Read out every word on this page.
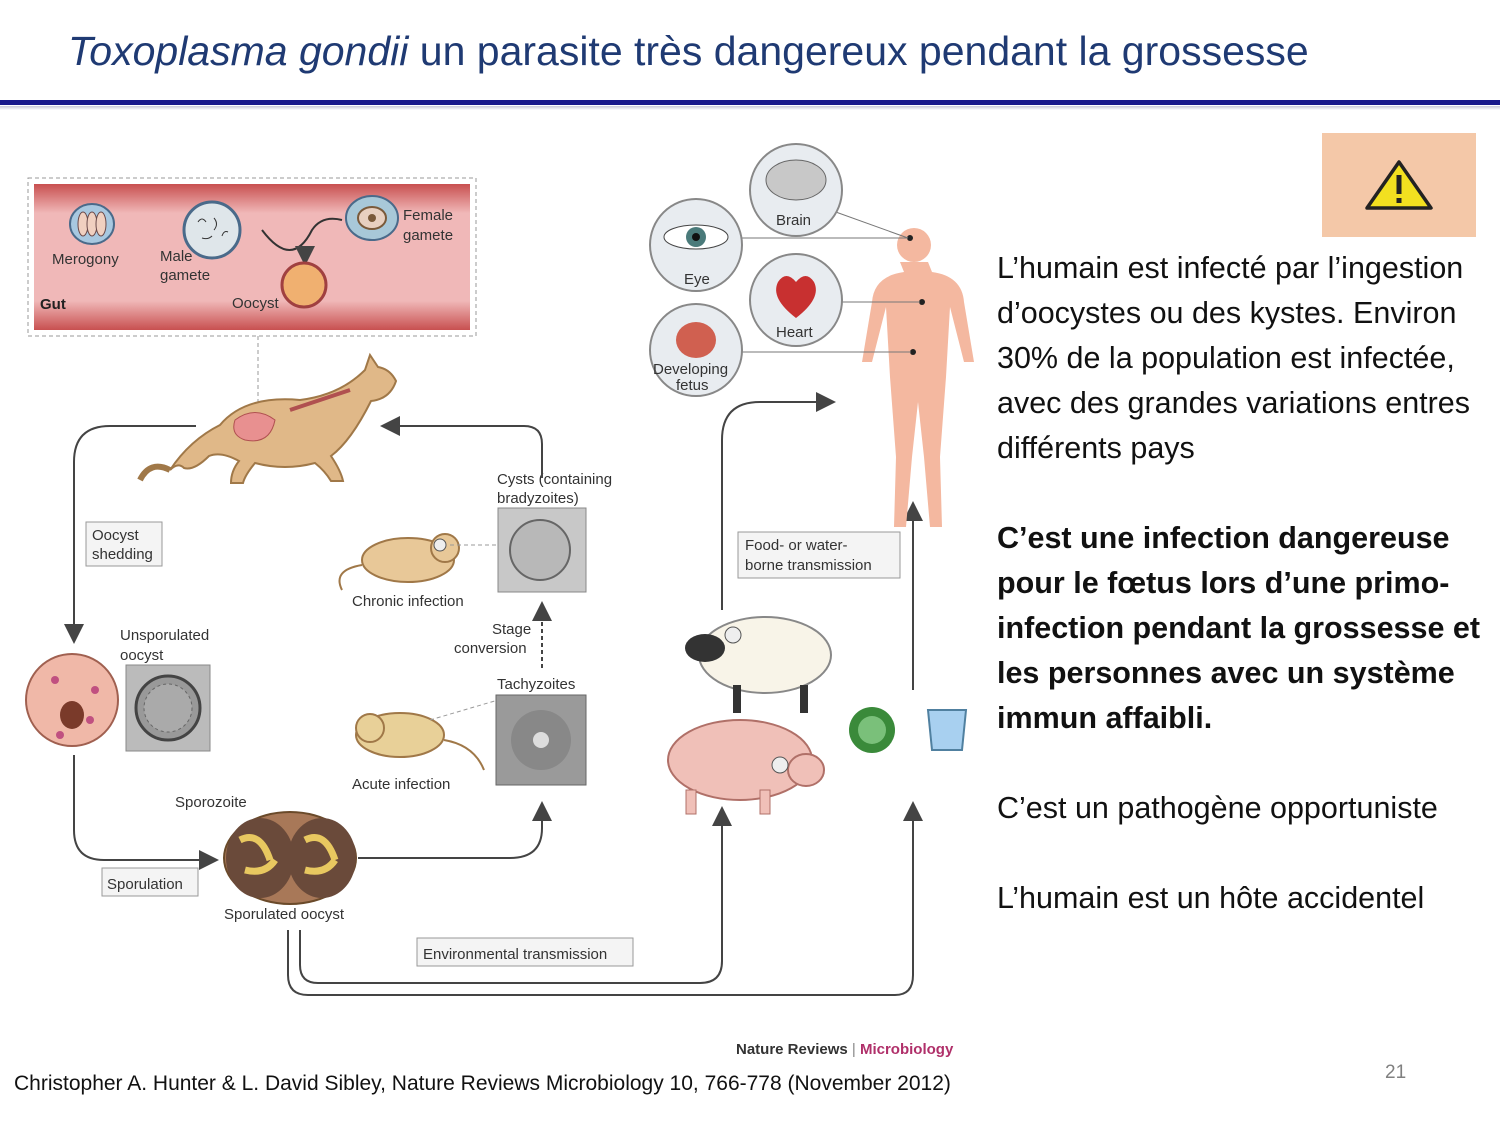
Toxoplasma gondii un parasite très dangereux pendant la grossesse
Merogony	Male
gamete
Female
gamete
Gut	Oocyst
Oocyst
shedding
Unsporulated
oocyst
Sporulation
Sporozoite
Sporulated oocyst
Environmental transmission
Chronic infection
Cysts (containing
bradyzoites)
Stage
conversion
Acute infection
Tachyzoites
Food- or water-
borne transmission
Brain
Eye
Heart
Developing
fetus
Nature Reviews | Microbiology

L’humain est infecté par l’ingestion d’oocystes ou des kystes. Environ 30% de la population est infectée, avec des grandes variations entres différents pays

C’est une infection dangereuse pour le fœtus lors d’une primo-infection pendant la grossesse et les personnes avec un système immun affaibli.

C’est un pathogène opportuniste

L’humain est un hôte accidentel

Christopher A. Hunter & L. David Sibley, Nature Reviews Microbiology 10, 766-778 (November 2012)	21
